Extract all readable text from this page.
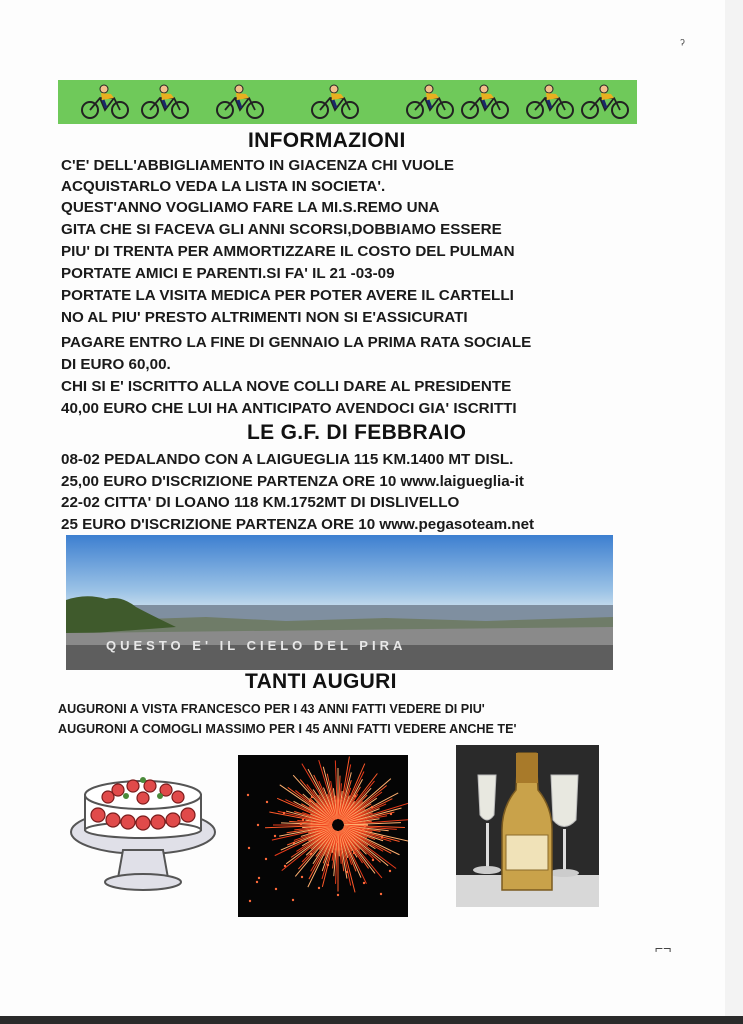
INFORMAZIONI
C'E' DELL'ABBIGLIAMENTO IN GIACENZA CHI VUOLE
ACQUISTARLO VEDA LA LISTA IN SOCIETA'.
QUEST'ANNO VOGLIAMO FARE LA MI.S.REMO UNA
GITA CHE SI FACEVA GLI ANNI SCORSI,DOBBIAMO ESSERE
PIU' DI TRENTA PER AMMORTIZZARE IL COSTO DEL PULMAN
PORTATE AMICI E PARENTI.SI FA' IL 21 -03-09
PORTATE LA VISITA MEDICA PER POTER AVERE IL CARTELLI
NO AL PIU' PRESTO ALTRIMENTI NON SI E'ASSICURATI
PAGARE ENTRO LA FINE DI GENNAIO LA PRIMA RATA SOCIALE
DI EURO 60,00.
CHI SI E' ISCRITTO ALLA NOVE COLLI DARE AL PRESIDENTE
40,00 EURO CHE LUI HA ANTICIPATO AVENDOCI GIA' ISCRITTI
LE G.F. DI FEBBRAIO
08-02 PEDALANDO CON A LAIGUEGLIA 115 KM.1400 MT DISL.
25,00 EURO D'ISCRIZIONE PARTENZA ORE 10 www.laigueglia-it
22-02 CITTA' DI LOANO 118 KM.1752MT DI DISLIVELLO
25 EURO D'ISCRIZIONE PARTENZA ORE 10 www.pegasoteam.net
QUESTO E' IL CIELO DEL PIRA
TANTI AUGURI
AUGURONI A VISTA FRANCESCO PER I 43 ANNI FATTI VEDERE DI PIU'
AUGURONI A COMOGLI MASSIMO PER I 45 ANNI FATTI VEDERE ANCHE TE'
ˀ
⌐¬
